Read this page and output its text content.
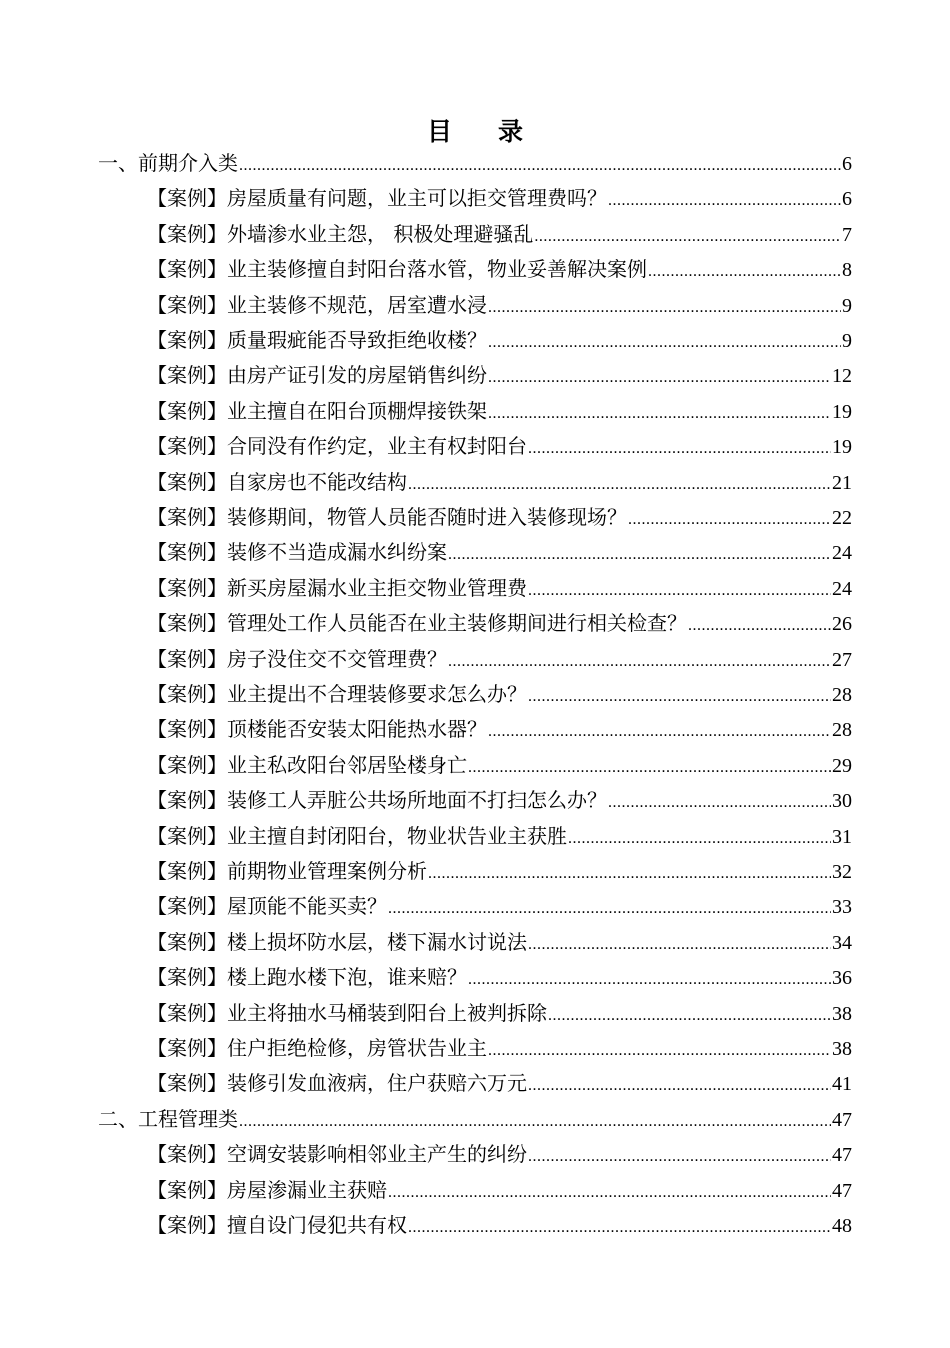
目 录
一、前期介入类 .....	6
【案例】房屋质量有问题，业主可以拒交管理费吗？ .....	6
【案例】外墙渗水业主怨， 积极处理避骚乱 .....	7
【案例】业主装修擅自封阳台落水管，物业妥善解决案例 .....	8
【案例】业主装修不规范，居室遭水浸 .....	9
【案例】质量瑕疵能否导致拒绝收楼？ .....	9
【案例】由房产证引发的房屋销售纠纷 .....	12
【案例】业主擅自在阳台顶棚焊接铁架 .....	19
【案例】合同没有作约定，业主有权封阳台 .....	19
【案例】自家房也不能改结构 .....	21
【案例】装修期间，物管人员能否随时进入装修现场？ .....	22
【案例】装修不当造成漏水纠纷案 .....	24
【案例】新买房屋漏水业主拒交物业管理费 .....	24
【案例】管理处工作人员能否在业主装修期间进行相关检查？ .....	26
【案例】房子没住交不交管理费？ .....	27
【案例】业主提出不合理装修要求怎么办？ .....	28
【案例】顶楼能否安装太阳能热水器？ .....	28
【案例】业主私改阳台邻居坠楼身亡 .....	29
【案例】装修工人弄脏公共场所地面不打扫怎么办？ .....	30
【案例】业主擅自封闭阳台，物业状告业主获胜 .....	31
【案例】前期物业管理案例分析 .....	32
【案例】屋顶能不能买卖？ .....	33
【案例】楼上损坏防水层，楼下漏水讨说法 .....	34
【案例】楼上跑水楼下泡，谁来赔？ .....	36
【案例】业主将抽水马桶装到阳台上被判拆除 .....	38
【案例】住户拒绝检修，房管状告业主 .....	38
【案例】装修引发血液病，住户获赔六万元 .....	41
二、工程管理类 .....	47
【案例】空调安装影响相邻业主产生的纠纷 .....	47
【案例】房屋渗漏业主获赔 .....	47
【案例】擅自设门侵犯共有权 .....	48
